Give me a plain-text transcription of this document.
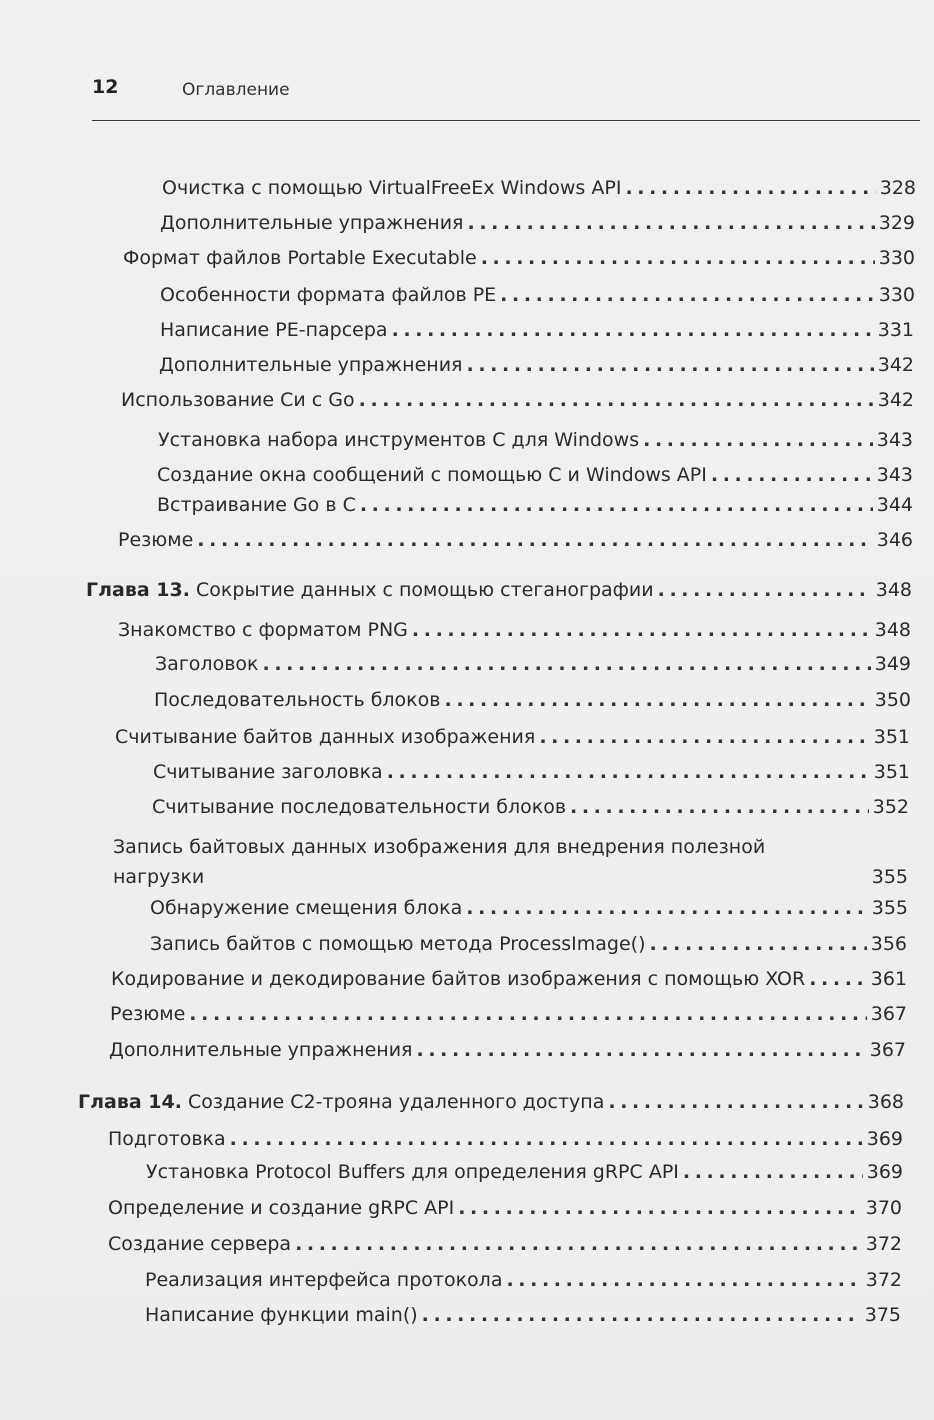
12	Оглавление
Очистка с помощью VirtualFreeEx Windows API . . .	328
Дополнительные упражнения . . .	329
Формат файлов Portable Executable . . .	330
Особенности формата файлов PE . . .	330
Написание PE-парсера . . .	331
Дополнительные упражнения . . .	342
Использование Си с Go . . .	342
Установка набора инструментов C для Windows . . .	343
Создание окна сообщений с помощью C и Windows API . . .	343
Встраивание Go в C . . .	344
Резюме . . .	346
Глава 13. Сокрытие данных с помощью стеганографии . . .	348
Знакомство с форматом PNG . . .	348
Заголовок . . .	349
Последовательность блоков . . .	350
Считывание байтов данных изображения . . .	351
Считывание заголовка . . .	351
Считывание последовательности блоков . . .	352
Запись байтовых данных изображения для внедрения полезной
нагрузки	355
Обнаружение смещения блока . . .	355
Запись байтов с помощью метода ProcessImage() . . .	356
Кодирование и декодирование байтов изображения с помощью XOR . . .	361
Резюме . . .	367
Дополнительные упражнения . . .	367
Глава 14. Создание C2-трояна удаленного доступа . . .	368
Подготовка . . .	369
Установка Protocol Buffers для определения gRPC API . . .	369
Определение и создание gRPC API . . .	370
Создание сервера . . .	372
Реализация интерфейса протокола . . .	372
Написание функции main() . . .	375
